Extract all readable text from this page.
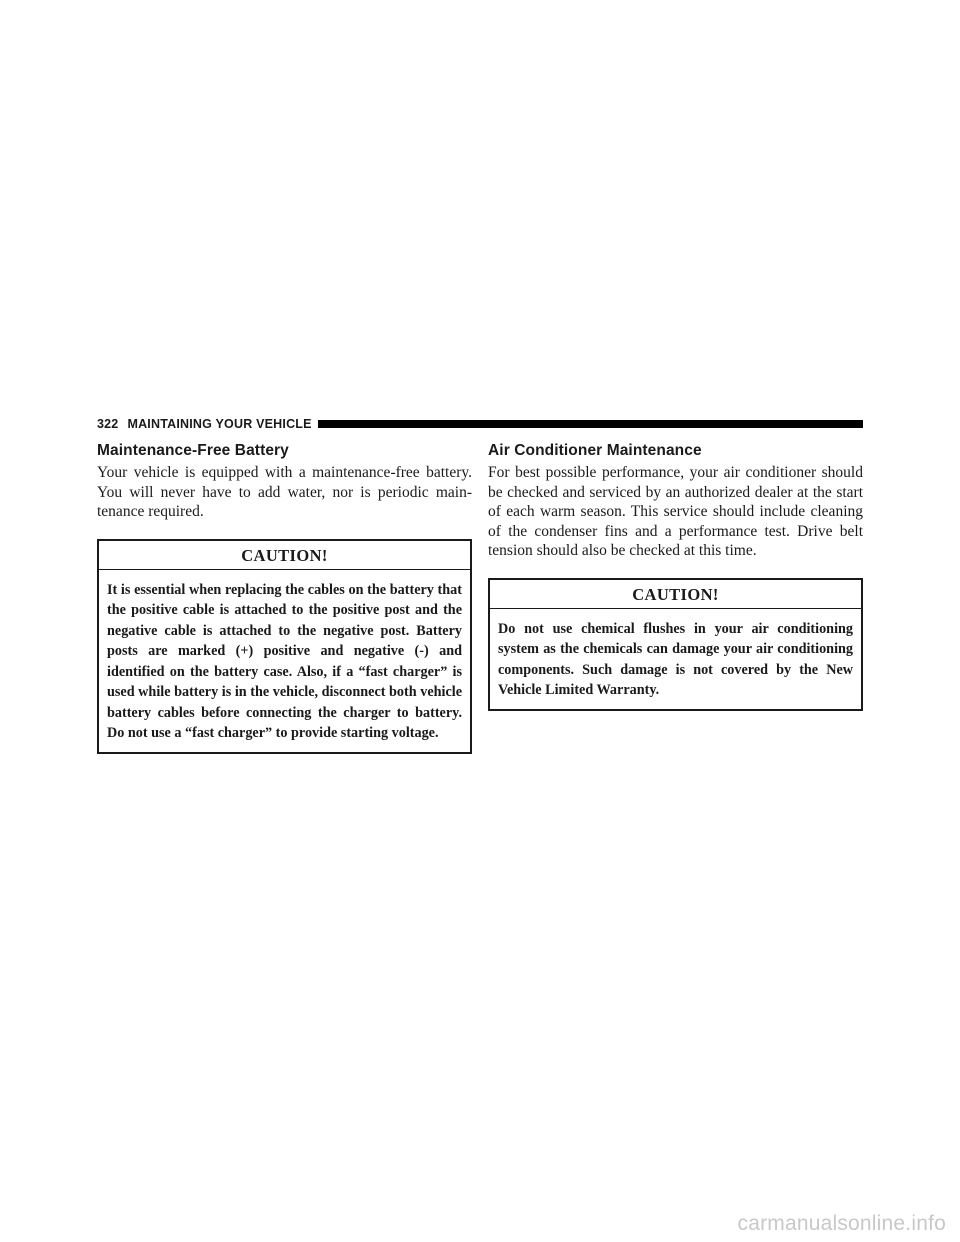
322 MAINTAINING YOUR VEHICLE
Maintenance-Free Battery

Your vehicle is equipped with a maintenance-free battery. You will never have to add water, nor is periodic maintenance required.

CAUTION!

It is essential when replacing the cables on the battery that the positive cable is attached to the positive post and the negative cable is attached to the negative post. Battery posts are marked (+) positive and negative (-) and identified on the battery case. Also, if a “fast charger” is used while battery is in the vehicle, disconnect both vehicle battery cables before connecting the charger to battery. Do not use a “fast charger” to provide starting voltage.

Air Conditioner Maintenance

For best possible performance, your air conditioner should be checked and serviced by an authorized dealer at the start of each warm season. This service should include cleaning of the condenser fins and a performance test. Drive belt tension should also be checked at this time.

CAUTION!

Do not use chemical flushes in your air conditioning system as the chemicals can damage your air conditioning components. Such damage is not covered by the New Vehicle Limited Warranty.

carmanualsonline.info
